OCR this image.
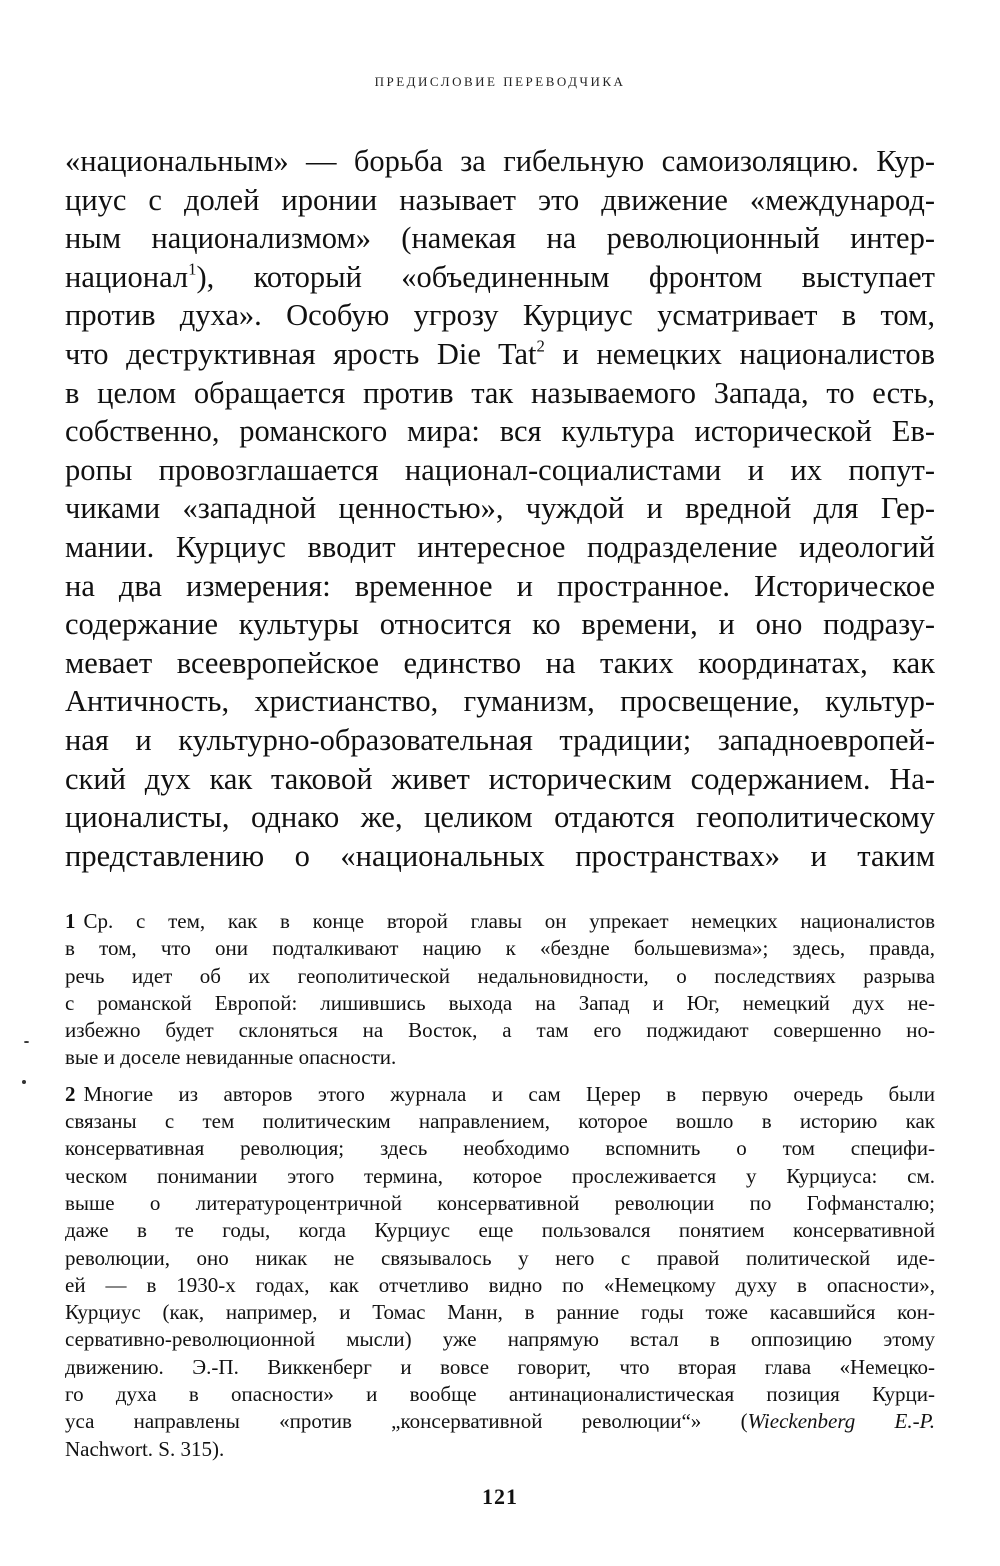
ПРЕДИСЛОВИЕ ПЕРЕВОДЧИКА
«национальным» — борьба за гибельную самоизоляцию. Кур-
циус с долей иронии называет это движение «международ-
ным национализмом» (намекая на революционный интер-
национал$^1$), который «объединенным фронтом выступает
против духа». Особую угрозу Курциус усматривает в том,
что деструктивная ярость Die Tat$^2$ и немецких националистов
в целом обращается против так называемого Запада, то есть,
собственно, романского мира: вся культура исторической Ев-
ропы провозглашается национал-социалистами и их попут-
чиками «западной ценностью», чуждой и вредной для Гер-
мании. Курциус вводит интересное подразделение идеологий
на два измерения: временное и пространное. Историческое
содержание культуры относится ко времени, и оно подразу-
мевает всеевропейское единство на таких координатах, как
Античность, христианство, гуманизм, просвещение, культур-
ная и культурно-образовательная традиции; западноевропей-
ский дух как таковой живет историческим содержанием. На-
ционалисты, однако же, целиком отдаются геополитическому
представлению о «национальных пространствах» и таким
1 Ср. с тем, как в конце второй главы он упрекает немецких националистов
в том, что они подталкивают нацию к «бездне большевизма»; здесь, правда,
речь идет об их геополитической недальновидности, о последствиях разрыва
с романской Европой: лишившись выхода на Запад и Юг, немецкий дух не-
избежно будет склоняться на Восток, а там его поджидают совершенно но-
вые и доселе невиданные опасности.
2 Многие из авторов этого журнала и сам Церер в первую очередь были
связаны с тем политическим направлением, которое вошло в историю как
консервативная революция; здесь необходимо вспомнить о том специфи-
ческом понимании этого термина, которое прослеживается у Курциуса: см.
выше о литературоцентричной консервативной революции по Гофмансталю;
даже в те годы, когда Курциус еще пользовался понятием консервативной
революции, оно никак не связывалось у него с правой политической иде-
ей — в 1930-х годах, как отчетливо видно по «Немецкому духу в опасности»,
Курциус (как, например, и Томас Манн, в ранние годы тоже касавшийся кон-
сервативно-революционной мысли) уже напрямую встал в оппозицию этому
движению. Э.-П. Виккенберг и вовсе говорит, что вторая глава «Немецко-
го духа в опасности» и вообще антинационалистическая позиция Курци-
уса направлены «против „консервативной революции“» (Wieckenberg E.-P.
Nachwort. S. 315).
121
